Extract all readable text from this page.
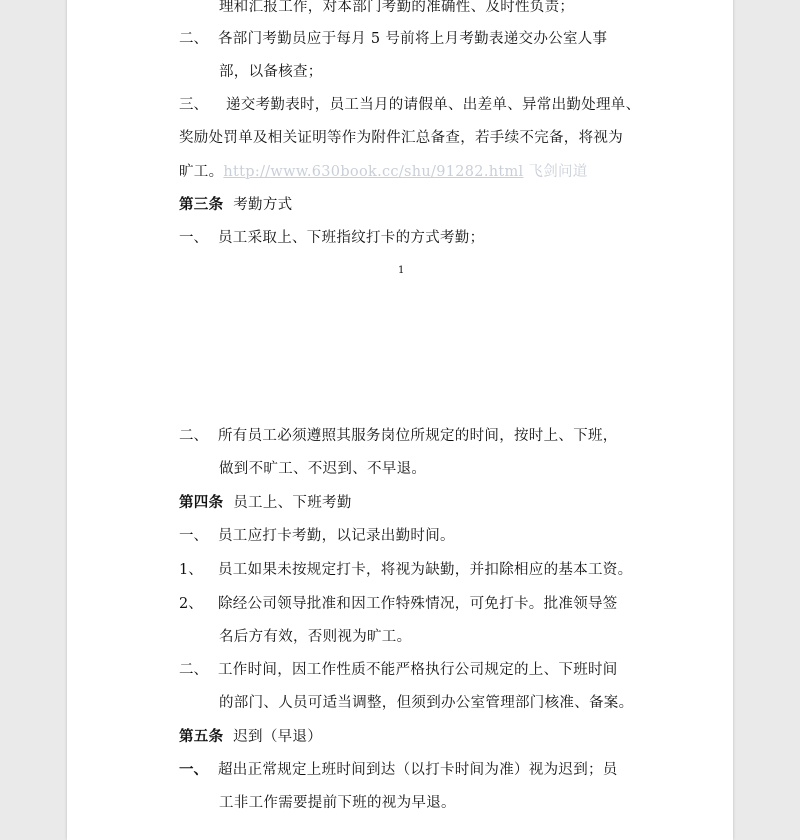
理和汇报工作，对本部门考勤的准确性、及时性负责；
二、 各部门考勤员应于每月 5 号前将上月考勤表递交办公室人事
部，以备核查；
三、 递交考勤表时，员工当月的请假单、出差单、异常出勤处理单、
奖励处罚单及相关证明等作为附件汇总备查，若手续不完备，将视为
旷工。http://www.630book.cc/shu/91282.html 飞剑问道
第三条 考勤方式
一、 员工采取上、下班指纹打卡的方式考勤；
1
二、 所有员工必须遵照其服务岗位所规定的时间，按时上、下班，
做到不旷工、不迟到、不早退。
第四条 员工上、下班考勤
一、 员工应打卡考勤，以记录出勤时间。
1、 员工如果未按规定打卡，将视为缺勤，并扣除相应的基本工资。
2、 除经公司领导批准和因工作特殊情况，可免打卡。批准领导签
名后方有效，否则视为旷工。
二、 工作时间，因工作性质不能严格执行公司规定的上、下班时间
的部门、人员可适当调整，但须到办公室管理部门核准、备案。
第五条 迟到（早退）
一、 超出正常规定上班时间到达（以打卡时间为准）视为迟到；员
工非工作需要提前下班的视为早退。
